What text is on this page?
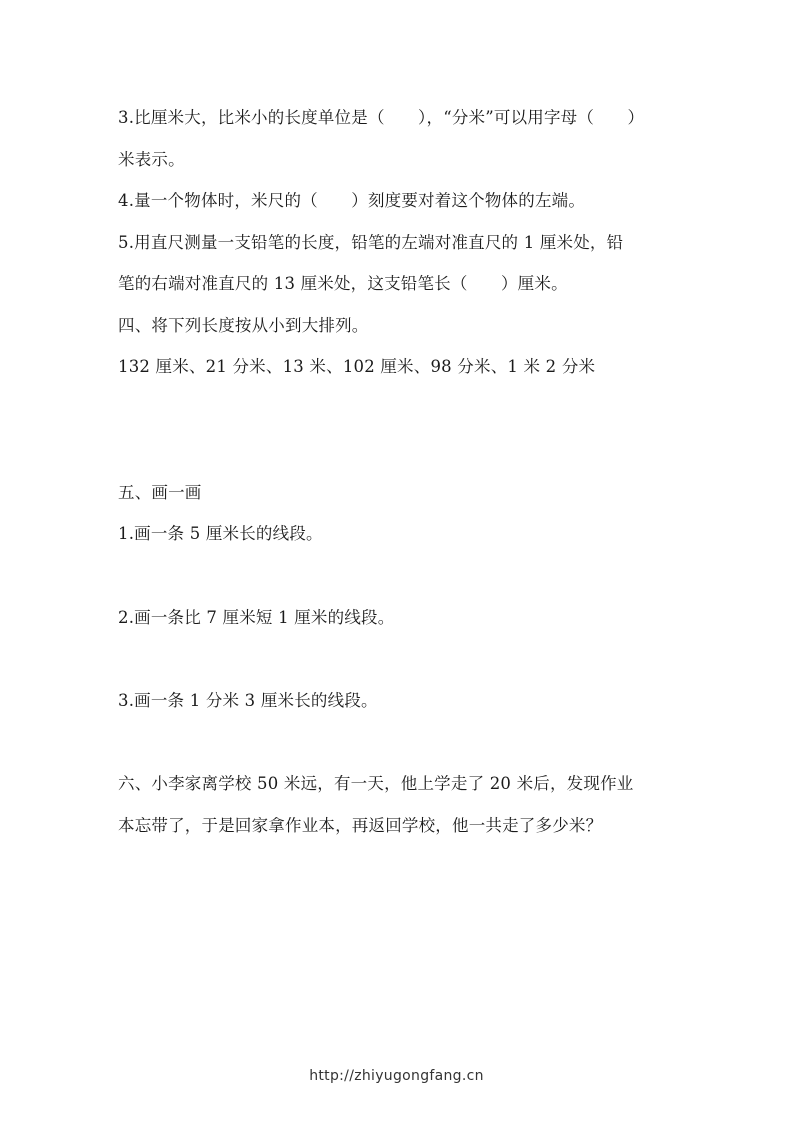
3.比厘米大，比米小的长度单位是（　　），“分米”可以用字母（　　）
米表示。
4.量一个物体时，米尺的（　　）刻度要对着这个物体的左端。
5.用直尺测量一支铅笔的长度，铅笔的左端对准直尺的 1 厘米处，铅
笔的右端对准直尺的 13 厘米处，这支铅笔长（　　）厘米。
四、将下列长度按从小到大排列。
132 厘米、21 分米、13 米、102 厘米、98 分米、1 米 2 分米
五、画一画
1.画一条 5 厘米长的线段。
2.画一条比 7 厘米短 1 厘米的线段。
3.画一条 1 分米 3 厘米长的线段。
六、小李家离学校 50 米远，有一天，他上学走了 20 米后，发现作业
本忘带了，于是回家拿作业本，再返回学校，他一共走了多少米？
http://zhiyugongfang.cn
